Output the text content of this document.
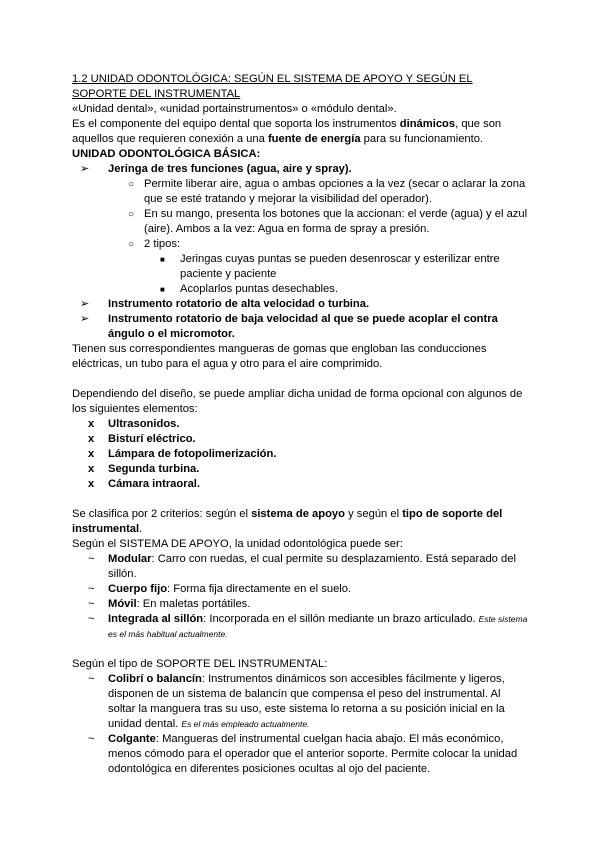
1.2 UNIDAD ODONTOLÓGICA: SEGÚN EL SISTEMA DE APOYO Y SEGÚN EL SOPORTE DEL INSTRUMENTAL

«Unidad dental», «unidad portainstrumentos» o «módulo dental».

Es el componente del equipo dental que soporta los instrumentos dinámicos, que son aquellos que requieren conexión a una fuente de energía para su funcionamiento.

UNIDAD ODONTOLÓGICA BÁSICA:

➢ Jeringa de tres funciones (agua, aire y spray).
○ Permite liberar aire, agua o ambas opciones a la vez (secar o aclarar la zona que se esté tratando y mejorar la visibilidad del operador).
○ En su mango, presenta los botones que la accionan: el verde (agua) y el azul (aire). Ambos a la vez: Agua en forma de spray a presión.
○ 2 tipos:
■ Jeringas cuyas puntas se pueden desenroscar y esterilizar entre paciente y paciente
■ Acoplarlos puntas desechables.
➢ Instrumento rotatorio de alta velocidad o turbina.
➢ Instrumento rotatorio de baja velocidad al que se puede acoplar el contra ángulo o el micromotor.

Tienen sus correspondientes mangueras de gomas que engloban las conducciones eléctricas, un tubo para el agua y otro para el aire comprimido.

Dependiendo del diseño, se puede ampliar dicha unidad de forma opcional con algunos de los siguientes elementos:

x Ultrasonidos.
x Bisturí eléctrico.
x Lámpara de fotopolimerización.
x Segunda turbina.
x Cámara intraoral.

Se clasifica por 2 criterios: según el sistema de apoyo y según el tipo de soporte del instrumental.

Según el SISTEMA DE APOYO, la unidad odontológica puede ser:

~ Modular: Carro con ruedas, el cual permite su desplazamiento. Está separado del sillón.
~ Cuerpo fijo: Forma fija directamente en el suelo.
~ Móvil: En maletas portátiles.
~ Integrada al sillón: Incorporada en el sillón mediante un brazo articulado. Este sistema es el más habitual actualmente.

Según el tipo de SOPORTE DEL INSTRUMENTAL:

~ Colibrí o balancín: Instrumentos dinámicos son accesibles fácilmente y ligeros, disponen de un sistema de balancín que compensa el peso del instrumental. Al soltar la manguera tras su uso, este sistema lo retorna a su posición inicial en la unidad dental. Es el más empleado actualmente.
~ Colgante: Mangueras del instrumental cuelgan hacia abajo. El más económico, menos cómodo para el operador que el anterior soporte. Permite colocar la unidad odontológica en diferentes posiciones ocultas al ojo del paciente.
